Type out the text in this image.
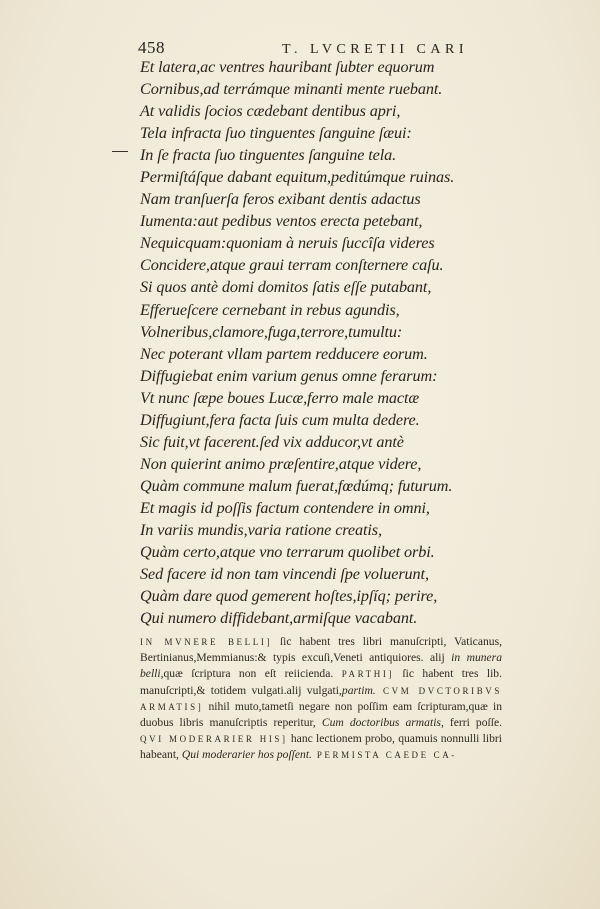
458	T. LVCRETII CARI
Et latera,ac ventres hauribant ſubter equorum
Cornibus,ad terrámque minanti mente ruebant.
At validis ſocios cædebant dentibus apri,
Tela infracta ſuo tinguentes ſanguine ſæui:
In ſe fracta ſuo tinguentes ſanguine tela.
Permiſtáſque dabant equitum,peditúmque ruinas.
Nam tranſuerſa feros exibant dentis adactus
Iumenta:aut pedibus ventos erecta petebant,
Nequicquam:quoniam à neruis ſuccîſa videres
Concidere,atque graui terram conſternere caſu.
Si quos antè domi domitos ſatis eſſe putabant,
Efferueſcere cernebant in rebus agundis,
Volneribus,clamore,fuga,terrore,tumultu:
Nec poterant vllam partem redducere eorum.
Diffugiebat enim varium genus omne ferarum:
Vt nunc ſæpe boues Lucæ,ferro male mactæ
Diffugiunt,fera facta ſuis cum multa dedere.
Sic fuit,vt facerent.ſed vix adducor,vt antè
Non quierint animo præſentire,atque videre,
Quàm commune malum fuerat,fœdúmq; futurum.
Et magis id poſſis factum contendere in omni,
In variis mundis,varia ratione creatis,
Quàm certo,atque vno terrarum quolibet orbi.
Sed facere id non tam vincendi ſpe voluerunt,
Quàm dare quod gemerent hoſtes,ipſíq; perire,
Qui numero diffidebant,armiſque vacabant.
IN MVNERE BELLI] ſic habent tres libri manuſcripti, Vaticanus, Bertinianus,Memmianus:& typis excuſi,Veneti antiquiores. alij in munera belli,quæ ſcriptura non eſt reiicienda. PARTHI] ſic habent tres lib. manuſcripti,& totidem vulgati.alij vulgati,partim. CVM DVCTORIBVS ARMATIS] nihil muto,tametſi negare non poſſim eam ſcripturam,quæ in duobus libris manuſcriptis reperitur, Cum doctoribus armatis, ferri poſſe. QVI MODERARIER HIS] hanc lectionem probo, quamuis nonnulli libri habeant, Qui moderarier hos poſſent. PERMISTA CAEDE CA-
